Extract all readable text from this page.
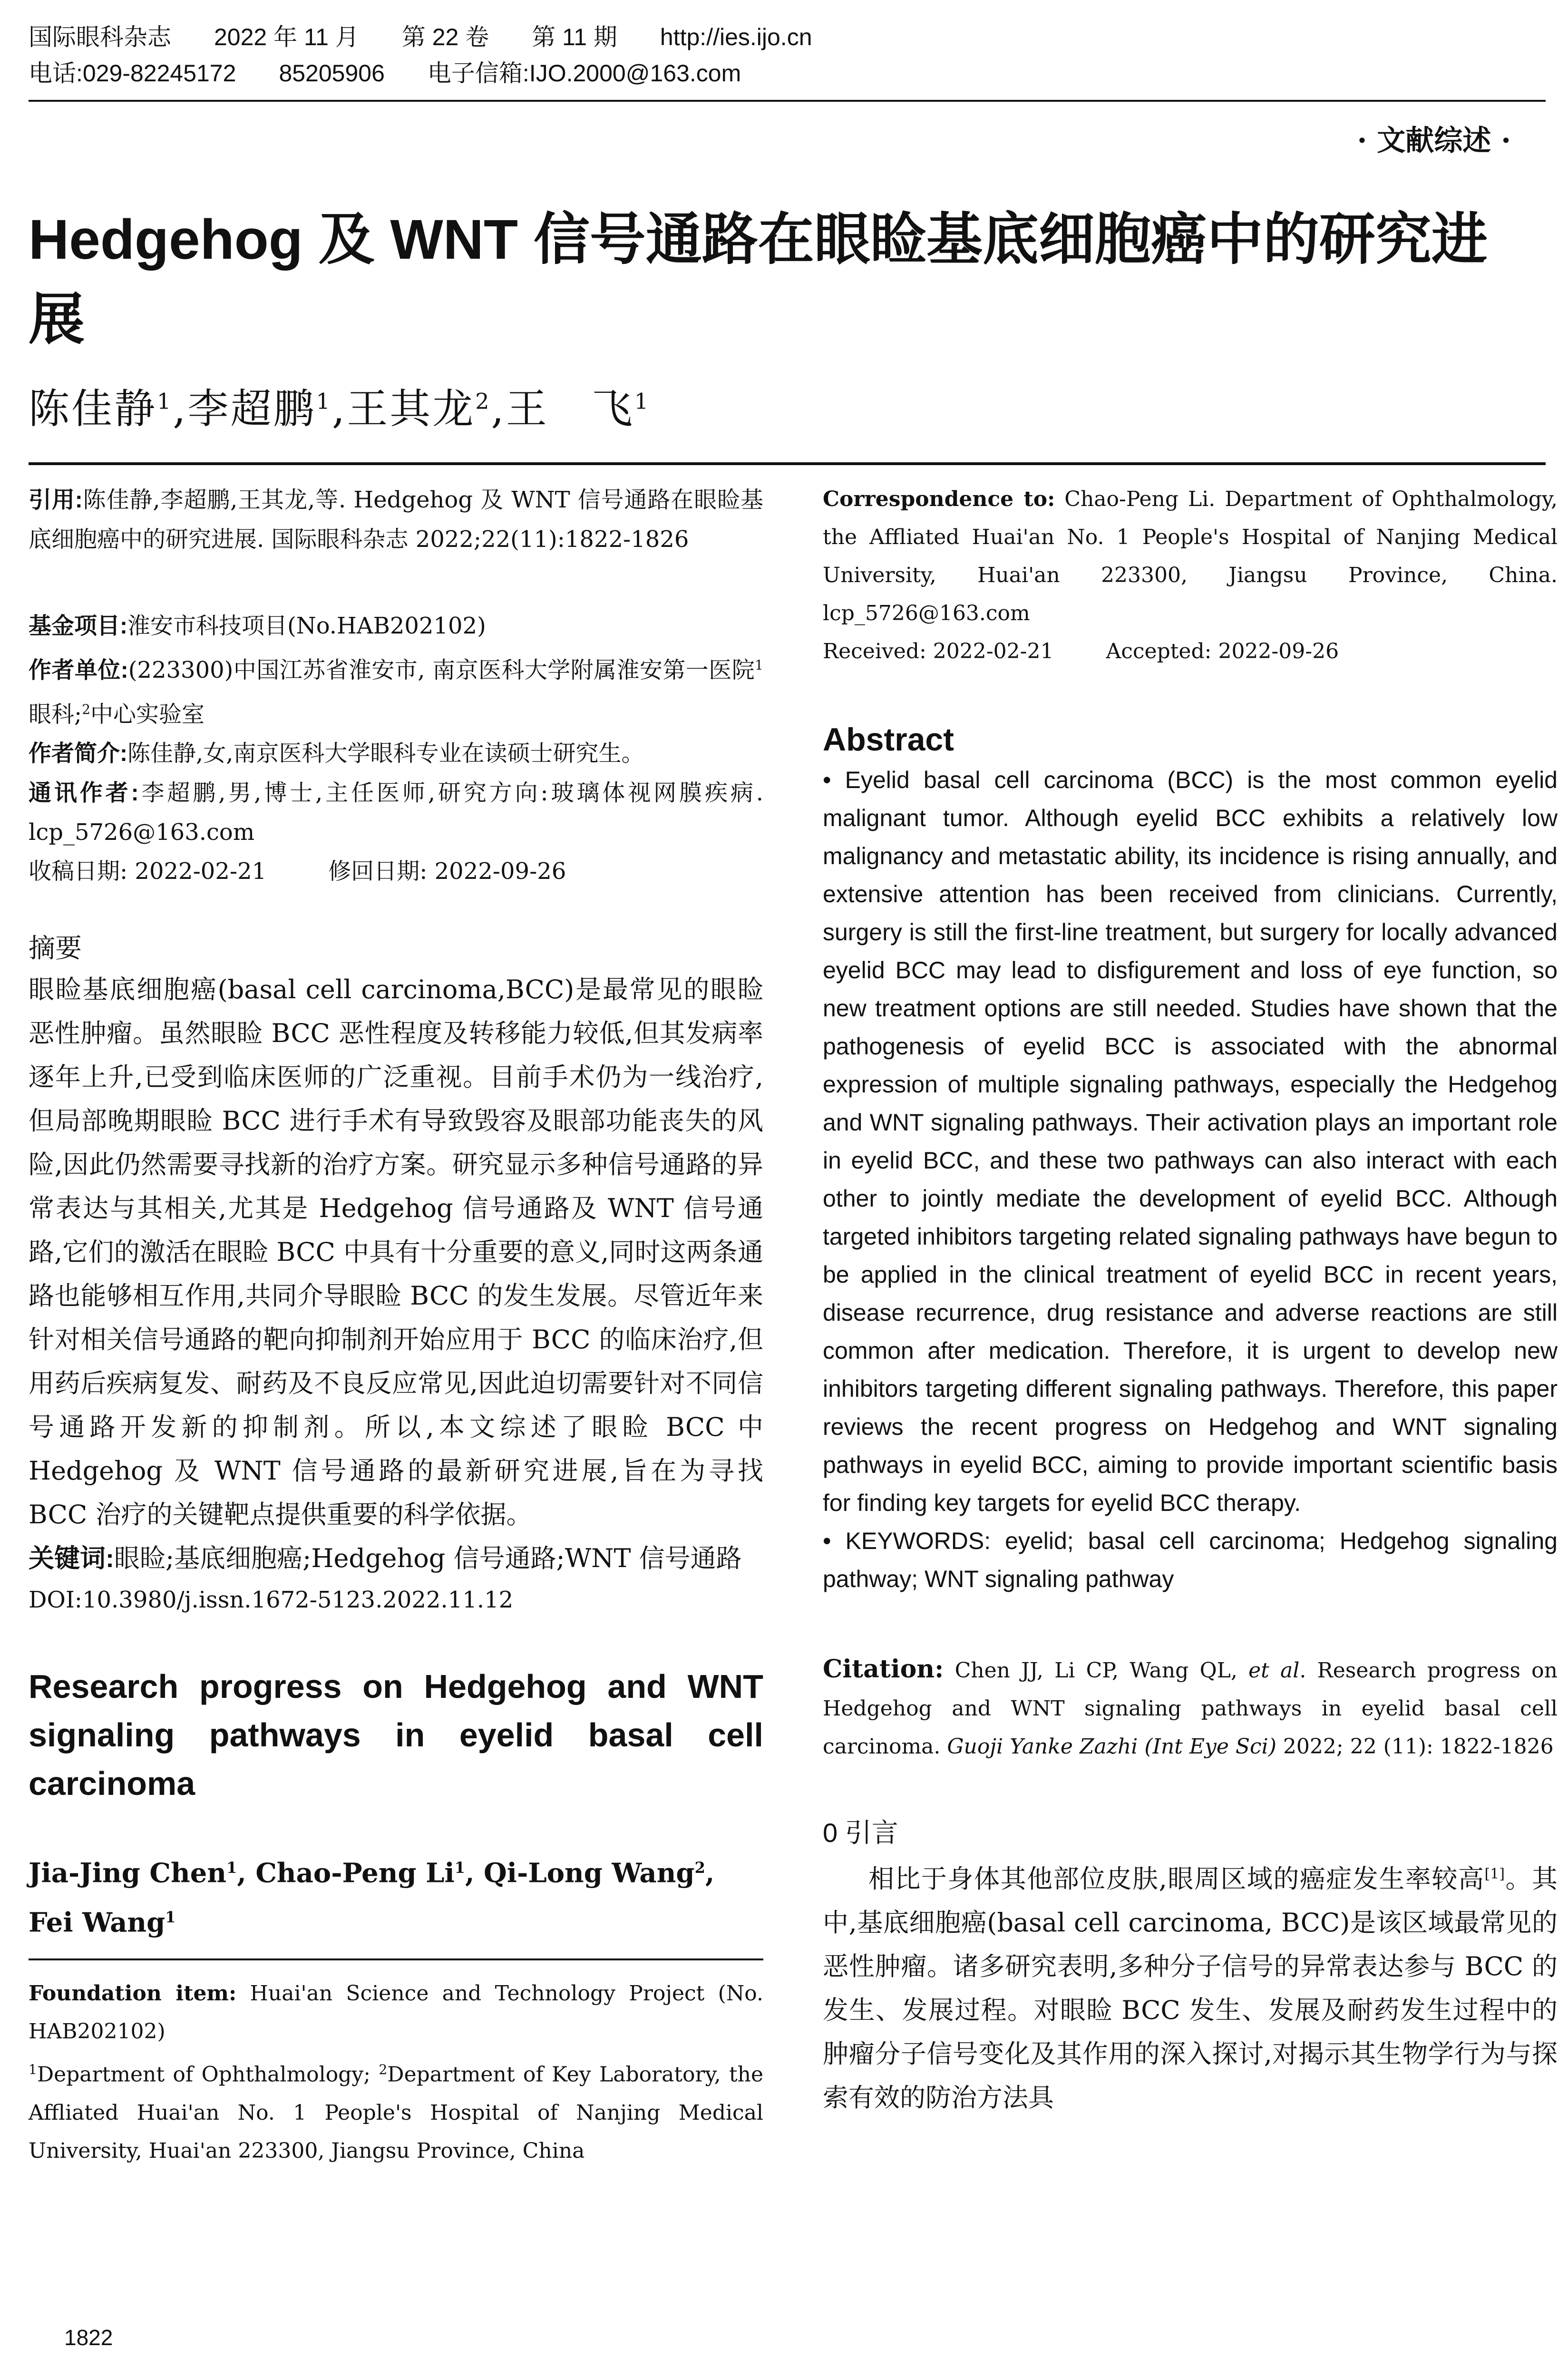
国际眼科杂志 2022 年 11 月 第 22 卷 第 11 期 http://ies.ijo.cn
电话:029-82245172 85205906 电子信箱:IJO.2000@163.com
· 文献综述 ·
Hedgehog 及 WNT 信号通路在眼睑基底细胞癌中的研究进展
陈佳静$^1$,李超鹏$^1$,王其龙$^2$,王　飞$^1$

引用:陈佳静,李超鹏,王其龙,等. Hedgehog 及 WNT 信号通路在眼睑基底细胞癌中的研究进展. 国际眼科杂志 2022;22(11):1822-1826

基金项目:淮安市科技项目(No.HAB202102)

作者单位:(223300)中国江苏省淮安市, 南京医科大学附属淮安第一医院$^1$眼科;$^2$中心实验室

作者简介:陈佳静,女,南京医科大学眼科专业在读硕士研究生。

通讯作者:李超鹏,男,博士,主任医师,研究方向:玻璃体视网膜疾病. lcp_5726@163.com

收稿日期: 2022-02-21	修回日期: 2022-09-26

摘要

眼睑基底细胞癌(basal cell carcinoma,BCC)是最常见的眼睑恶性肿瘤。虽然眼睑 BCC 恶性程度及转移能力较低,但其发病率逐年上升,已受到临床医师的广泛重视。目前手术仍为一线治疗,但局部晚期眼睑 BCC 进行手术有导致毁容及眼部功能丧失的风险,因此仍然需要寻找新的治疗方案。研究显示多种信号通路的异常表达与其相关,尤其是 Hedgehog 信号通路及 WNT 信号通路,它们的激活在眼睑 BCC 中具有十分重要的意义,同时这两条通路也能够相互作用,共同介导眼睑 BCC 的发生发展。尽管近年来针对相关信号通路的靶向抑制剂开始应用于 BCC 的临床治疗,但用药后疾病复发、耐药及不良反应常见,因此迫切需要针对不同信号通路开发新的抑制剂。所以,本文综述了眼睑 BCC 中 Hedgehog 及 WNT 信号通路的最新研究进展,旨在为寻找 BCC 治疗的关键靶点提供重要的科学依据。

关键词:眼睑;基底细胞癌;Hedgehog 信号通路;WNT 信号通路

DOI:10.3980/j.issn.1672-5123.2022.11.12

Research progress on Hedgehog and WNT signaling pathways in eyelid basal cell carcinoma

Jia-Jing Chen$^1$, Chao-Peng Li$^1$, Qi-Long Wang$^2$, Fei Wang$^1$

Foundation item: Huai'an Science and Technology Project (No. HAB202102)

$^1$Department of Ophthalmology; $^2$Department of Key Laboratory, the Affliated Huai'an No. 1 People's Hospital of Nanjing Medical University, Huai'an 223300, Jiangsu Province, China

Correspondence to: Chao-Peng Li. Department of Ophthalmology, the Affliated Huai'an No. 1 People's Hospital of Nanjing Medical University, Huai'an 223300, Jiangsu Province, China. lcp_5726@163.com

Received: 2022-02-21	Accepted: 2022-09-26

Abstract

• Eyelid basal cell carcinoma (BCC) is the most common eyelid malignant tumor. Although eyelid BCC exhibits a relatively low malignancy and metastatic ability, its incidence is rising annually, and extensive attention has been received from clinicians. Currently, surgery is still the first-line treatment, but surgery for locally advanced eyelid BCC may lead to disfigurement and loss of eye function, so new treatment options are still needed. Studies have shown that the pathogenesis of eyelid BCC is associated with the abnormal expression of multiple signaling pathways, especially the Hedgehog and WNT signaling pathways. Their activation plays an important role in eyelid BCC, and these two pathways can also interact with each other to jointly mediate the development of eyelid BCC. Although targeted inhibitors targeting related signaling pathways have begun to be applied in the clinical treatment of eyelid BCC in recent years, disease recurrence, drug resistance and adverse reactions are still common after medication. Therefore, it is urgent to develop new inhibitors targeting different signaling pathways. Therefore, this paper reviews the recent progress on Hedgehog and WNT signaling pathways in eyelid BCC, aiming to provide important scientific basis for finding key targets for eyelid BCC therapy.

• KEYWORDS: eyelid; basal cell carcinoma; Hedgehog signaling pathway; WNT signaling pathway

Citation: Chen JJ, Li CP, Wang QL, et al. Research progress on Hedgehog and WNT signaling pathways in eyelid basal cell carcinoma. Guoji Yanke Zazhi (Int Eye Sci) 2022; 22 (11): 1822-1826

0 引言

相比于身体其他部位皮肤,眼周区域的癌症发生率较高[1]。其中,基底细胞癌(basal cell carcinoma, BCC)是该区域最常见的恶性肿瘤。诸多研究表明,多种分子信号的异常表达参与 BCC 的发生、发展过程。对眼睑 BCC 发生、发展及耐药发生过程中的肿瘤分子信号变化及其作用的深入探讨,对揭示其生物学行为与探索有效的防治方法具

1822
